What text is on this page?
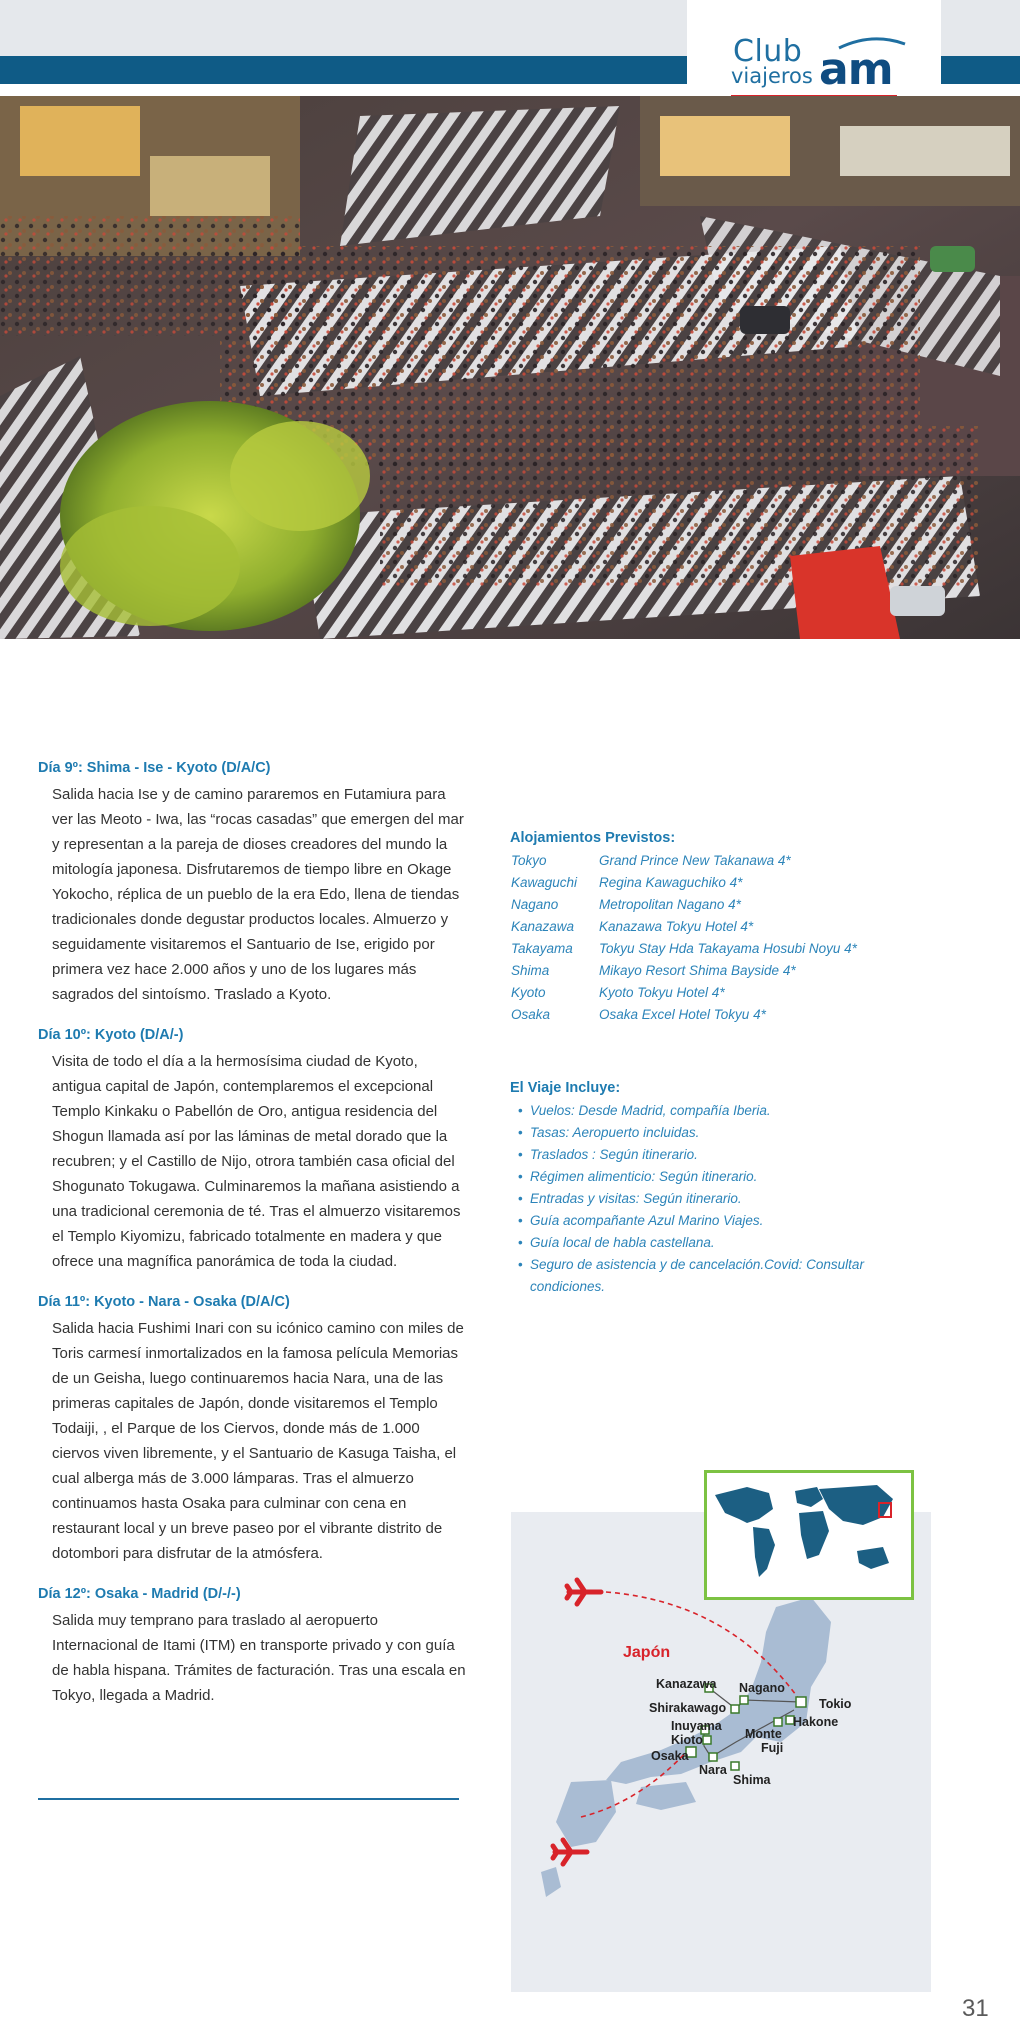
Club am
viajeros

Día 9º: Shima - Ise - Kyoto (D/A/C)

Salida hacia Ise y de camino pararemos en Futamiura para ver las Meoto - Iwa, las “rocas casadas” que emergen del mar y representan a la pareja de dioses creadores del mundo la mitología japonesa. Disfrutaremos de tiempo libre en Okage Yokocho, réplica de un pueblo de la era Edo, llena de tiendas tradicionales donde degustar productos locales. Almuerzo y seguidamente visitaremos el Santuario de Ise, erigido por primera vez hace 2.000 años y uno de los lugares más sagrados del sintoísmo. Traslado a Kyoto.

Día 10º: Kyoto (D/A/-)

Visita de todo el día a la hermosísima ciudad de Kyoto, antigua capital de Japón, contemplaremos el excepcional Templo Kinkaku o Pabellón de Oro, antigua residencia del Shogun llamada así por las láminas de metal dorado que la recubren; y el Castillo de Nijo, otrora también casa oficial del Shogunato Tokugawa. Culminaremos la mañana asistiendo a una tradicional ceremonia de té. Tras el almuerzo visitaremos el Templo Kiyomizu, fabricado totalmente en madera y que ofrece una magnífica panorámica de toda la ciudad.

Día 11º: Kyoto - Nara - Osaka (D/A/C)

Salida hacia Fushimi Inari con su icónico camino con miles de Toris carmesí inmortalizados en la famosa película Memorias de un Geisha, luego continuaremos hacia Nara, una de las primeras capitales de Japón, donde visitaremos el Templo Todaiji, , el Parque de los Ciervos, donde más de 1.000 ciervos viven libremente, y el Santuario de Kasuga Taisha, el cual alberga más de 3.000 lámparas. Tras el almuerzo continuamos hasta Osaka para culminar con cena en restaurant local y un breve paseo por el vibrante distrito de dotombori para disfrutar de la atmósfera.

Día 12º: Osaka - Madrid (D/-/-)

Salida muy temprano para traslado al aeropuerto Internacional de Itami (ITM) en transporte privado y con guía de habla hispana. Trámites de facturación. Tras una escala en Tokyo, llegada a Madrid.

Alojamientos Previstos:

Tokyo	Grand Prince New Takanawa 4*
Kawaguchi	Regina Kawaguchiko 4*
Nagano	Metropolitan Nagano 4*
Kanazawa	Kanazawa Tokyu Hotel 4*
Takayama	Tokyu Stay Hda Takayama Hosubi Noyu 4*
Shima	Mikayo Resort Shima Bayside 4*
Kyoto	Kyoto Tokyu Hotel 4*
Osaka	Osaka Excel Hotel Tokyu 4*

El Viaje Incluye:

• Vuelos: Desde Madrid, compañía Iberia.
• Tasas: Aeropuerto incluidas.
• Traslados : Según itinerario.
• Régimen alimenticio: Según itinerario.
• Entradas y visitas: Según itinerario.
• Guía acompañante Azul Marino Viajes.
• Guía local de habla castellana.
• Seguro de asistencia y de cancelación.Covid: Consultar condiciones.
Japón
Kanazawa Nagano
Shirakawago	Tokio
Inuyama	Hakone
Kioto	Monte
Fuji
Osaka
Nara
Shima
31
